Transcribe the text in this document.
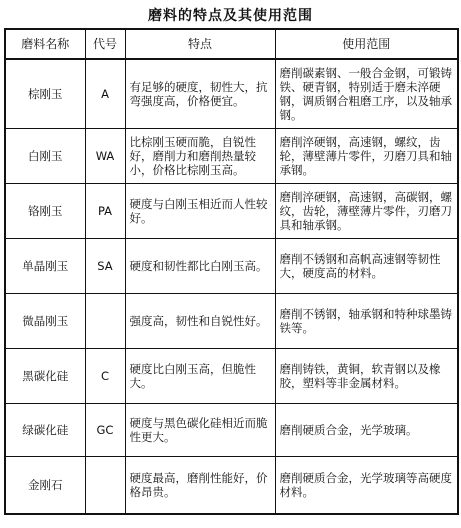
磨料的特点及其使用范围
磨料名称	代号	特点	使用范围
棕刚玉	A	有足够的硬度，韧性大，抗弯强度高，价格便宜。	磨削碳素钢、一般合金钢，可锻铸铁、硬青钢，特别适于磨未淬硬钢，调质钢合粗磨工序，以及轴承钢。
白刚玉	WA	比棕刚玉硬而脆，自锐性好，磨削力和磨削热量较小，价格比棕刚玉高。	磨削淬硬钢，高速钢，螺纹，齿轮，薄壁薄片零件，刃磨刀具和轴承钢。
铬刚玉	PA	硬度与白刚玉相近而人性较好。	磨削淬硬钢，高速钢，高碳钢，螺纹，齿轮，薄壁薄片零件，刃磨刀具和轴承钢。
单晶刚玉	SA	硬度和韧性都比白刚玉高。	磨削不锈钢和高帆高速钢等韧性大，硬度高的材料。
微晶刚玉		强度高，韧性和自锐性好。	磨削不锈钢，轴承钢和特种球墨铸铁等。
黑碳化硅	C	硬度比白刚玉高，但脆性大。	磨削铸铁，黄铜，软青钢以及橡胶，塑料等非金属材料。
绿碳化硅	GC	硬度与黑色碳化硅相近而脆性更大。	磨削硬质合金，光学玻璃。
金刚石		硬度最高，磨削性能好，价格昂贵。	磨削硬质合金，光学玻璃等高硬度材料。
